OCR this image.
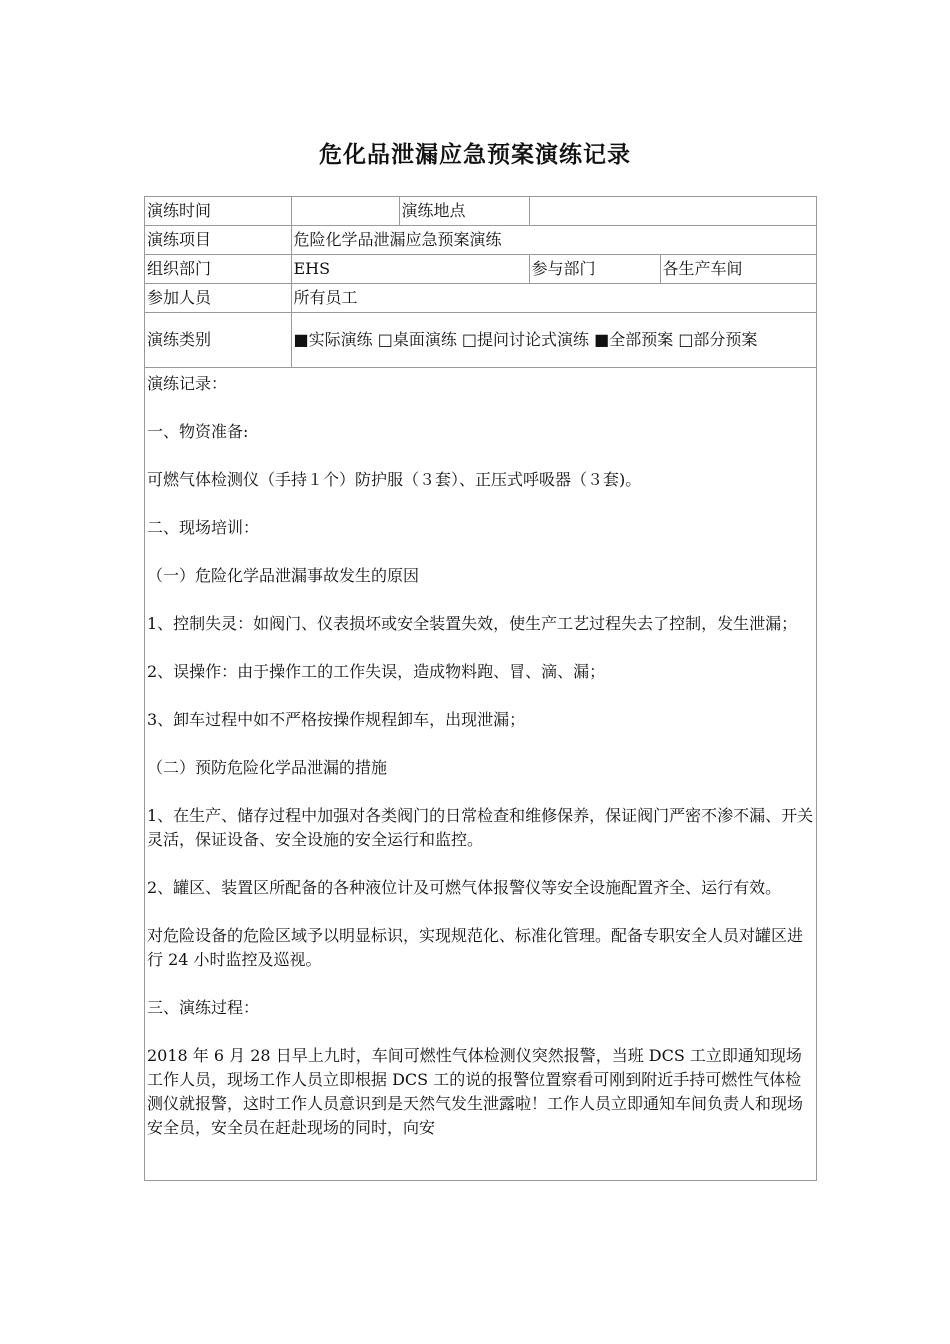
危化品泄漏应急预案演练记录
演练时间		演练地点		
演练项目	危险化学品泄漏应急预案演练			
组织部门	EHS		参与部门	各生产车间
参加人员	所有员工			
演练类别	■实际演练 □桌面演练 □提问讨论式演练 ■全部预案 □部分预案			

演练记录：

一、物资准备:

可燃气体检测仪（手持１个）防护服（３套）、正压式呼吸器（３套)。

二、现场培训：

（一）危险化学品泄漏事故发生的原因

1、控制失灵：如阀门、仪表损坏或安全装置失效，使生产工艺过程失去了控制，发生泄漏；

2、误操作：由于操作工的工作失误，造成物料跑、冒、滴、漏；

3、卸车过程中如不严格按操作规程卸车，出现泄漏；

（二）预防危险化学品泄漏的措施

1、在生产、储存过程中加强对各类阀门的日常检查和维修保养，保证阀门严密不渗不漏、开关灵活，保证设备、安全设施的安全运行和监控。

2、罐区、装置区所配备的各种液位计及可燃气体报警仪等安全设施配置齐全、运行有效。

对危险设备的危险区域予以明显标识，实现规范化、标准化管理。配备专职安全人员对罐区进行 24 小时监控及巡视。

三、演练过程：

2018 年 6 月 28 日早上九时，车间可燃性气体检测仪突然报警，当班 DCS 工立即通知现场工作人员，现场工作人员立即根据 DCS 工的说的报警位置察看可刚到附近手持可燃性气体检测仪就报警，这时工作人员意识到是天然气发生泄露啦！工作人员立即通知车间负责人和现场安全员，安全员在赶赴现场的同时，向安
